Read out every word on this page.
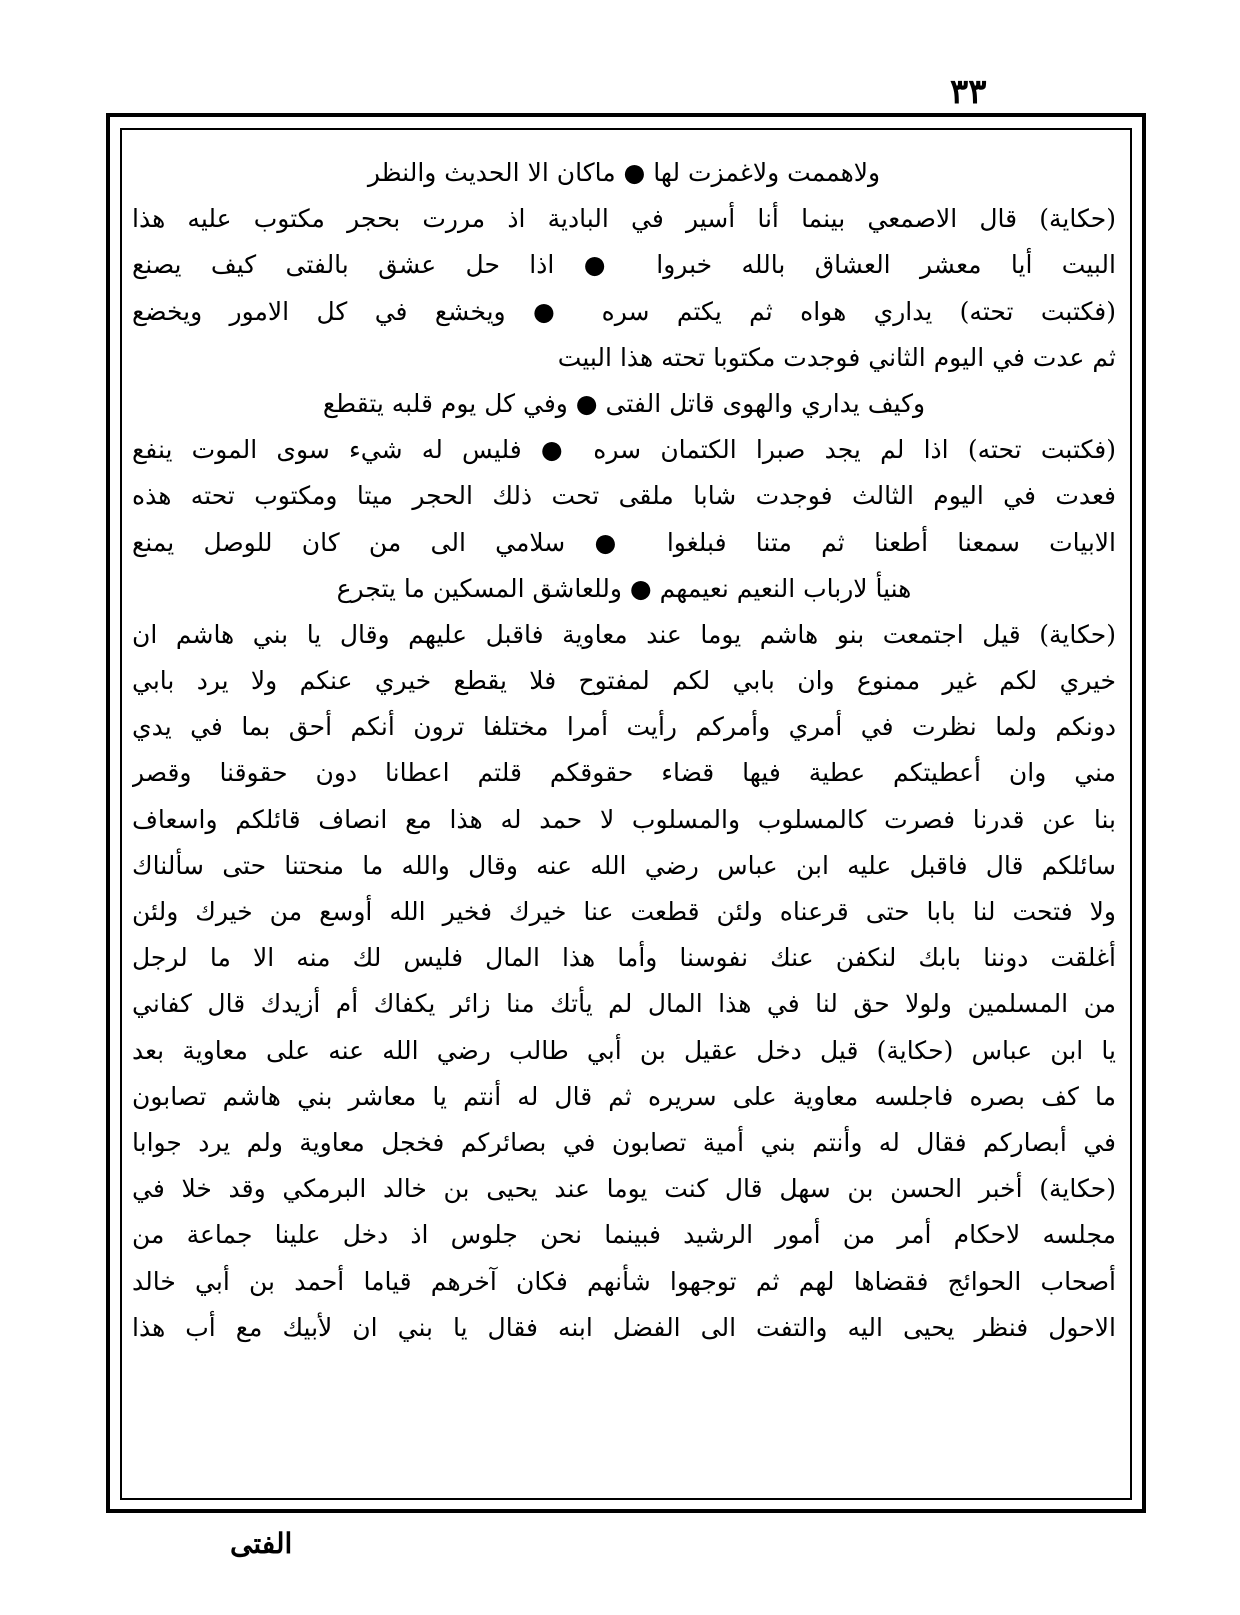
٣٣
ولاهممت ولاغمزت لها ● ماكان الا الحديث والنظر
(حكاية) قال الاصمعي بينما أنا أسير في البادية اذ مررت بحجر مكتوب عليه هذا
البيت أيا معشر العشاق بالله خبروا ● اذا حل عشق بالفتى كيف يصنع
(فكتبت تحته) يداري هواه ثم يكتم سره ● ويخشع في كل الامور ويخضع
ثم عدت في اليوم الثاني فوجدت مكتوبا تحته هذا البيت
وكيف يداري والهوى قاتل الفتى ● وفي كل يوم قلبه يتقطع
(فكتبت تحته) اذا لم يجد صبرا الكتمان سره ● فليس له شيء سوى الموت ينفع
فعدت في اليوم الثالث فوجدت شابا ملقى تحت ذلك الحجر ميتا ومكتوب تحته هذه
الابيات سمعنا أطعنا ثم متنا فبلغوا ● سلامي الى من كان للوصل يمنع
هنيأ لارباب النعيم نعيمهم ● وللعاشق المسكين ما يتجرع
(حكاية) قيل اجتمعت بنو هاشم يوما عند معاوية فاقبل عليهم وقال يا بني هاشم ان
خيري لكم غير ممنوع وان بابي لكم لمفتوح فلا يقطع خيري عنكم ولا يرد بابي
دونكم ولما نظرت في أمري وأمركم رأيت أمرا مختلفا ترون أنكم أحق بما في يدي
مني وان أعطيتكم عطية فيها قضاء حقوقكم قلتم اعطانا دون حقوقنا وقصر
بنا عن قدرنا فصرت كالمسلوب والمسلوب لا حمد له هذا مع انصاف قائلكم واسعاف
سائلكم قال فاقبل عليه ابن عباس رضي الله عنه وقال والله ما منحتنا حتى سألناك
ولا فتحت لنا بابا حتى قرعناه ولئن قطعت عنا خيرك فخير الله أوسع من خيرك ولئن
أغلقت دوننا بابك لنكفن عنك نفوسنا وأما هذا المال فليس لك منه الا ما لرجل
من المسلمين ولولا حق لنا في هذا المال لم يأتك منا زائر يكفاك أم أزيدك قال كفاني
يا ابن عباس (حكاية) قيل دخل عقيل بن أبي طالب رضي الله عنه على معاوية بعد
ما كف بصره فاجلسه معاوية على سريره ثم قال له أنتم يا معاشر بني هاشم تصابون
في أبصاركم فقال له وأنتم بني أمية تصابون في بصائركم فخجل معاوية ولم يرد جوابا
(حكاية) أخبر الحسن بن سهل قال كنت يوما عند يحيى بن خالد البرمكي وقد خلا في
مجلسه لاحكام أمر من أمور الرشيد فبينما نحن جلوس اذ دخل علينا جماعة من
أصحاب الحوائج فقضاها لهم ثم توجهوا شأنهم فكان آخرهم قياما أحمد بن أبي خالد
الاحول فنظر يحيى اليه والتفت الى الفضل ابنه فقال يا بني ان لأبيك مع أب هذا
الفتى
